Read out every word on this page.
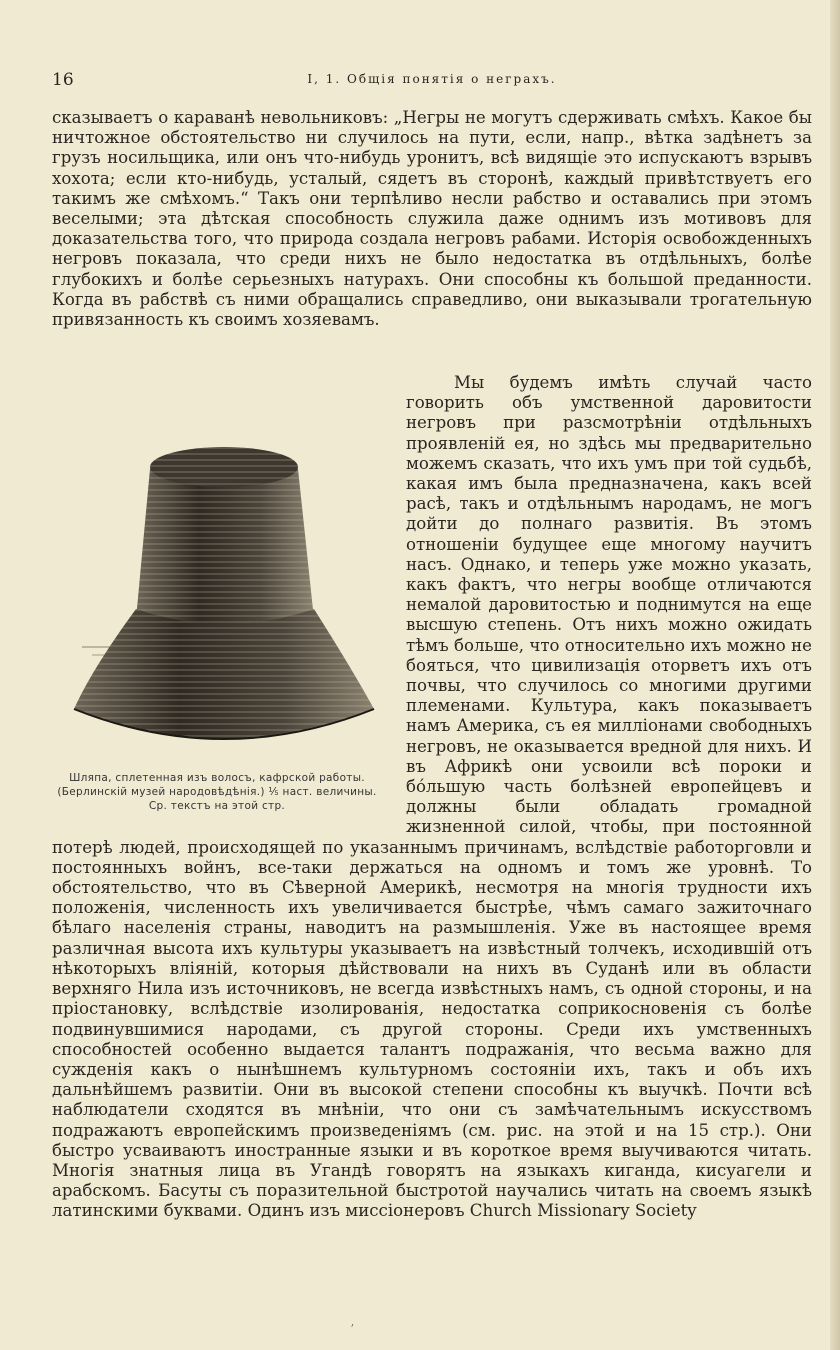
16	I, 1. Общія понятія о неграхъ.

сказываетъ о караванѣ невольниковъ: „Негры не могутъ сдерживать смѣхъ. Какое бы ничтожное обстоятельство ни случилось на пути, если, напр., вѣтка задѣнетъ за грузъ носильщика, или онъ что-нибудь уронитъ, всѣ видящіе это испускаютъ взрывъ хохота; если кто-нибудь, усталый, сядетъ въ сторонѣ, каждый привѣтствуетъ его такимъ же смѣхомъ.“ Такъ они терпѣливо несли рабство и оставались при этомъ веселыми; эта дѣтская способность служила даже однимъ изъ мотивовъ для доказательства того, что природа создала негровъ рабами. Исторія освобожденныхъ негровъ показала, что среди нихъ не было недостатка въ отдѣльныхъ, болѣе глубокихъ и болѣе серьезныхъ натурахъ. Они способны къ большой преданности. Когда въ рабствѣ съ ними обращались справедливо, они выказывали трогательную привязанность къ своимъ хозяевамъ.

Шляпа, сплетенная изъ волосъ, кафрской работы. (Берлинскій музей народовѣдѣнія.) ⅕ наст. величины. Ср. текстъ на этой стр.

Мы будемъ имѣть случай часто говорить объ умственной даровитости негровъ при разсмотрѣніи отдѣльныхъ проявленій ея, но здѣсь мы предварительно можемъ сказать, что ихъ умъ при той судьбѣ, какая имъ была предназначена, какъ всей расѣ, такъ и отдѣльнымъ народамъ, не могъ дойти до полнаго развитія. Въ этомъ отношеніи будущее еще многому научитъ насъ. Однако, и теперь уже можно указать, какъ фактъ, что негры вообще отличаются немалой даровитостью и поднимутся на еще высшую степень. Отъ нихъ можно ожидать тѣмъ больше, что относительно ихъ можно не бояться, что цивилизація оторветъ ихъ отъ почвы, что случилось со многими другими племенами. Культура, какъ показываетъ намъ Америка, съ ея милліонами свободныхъ негровъ, не оказывается вредной для нихъ. И въ Африкѣ они усвоили всѣ пороки и бо́льшую часть болѣзней европейцевъ и должны были обладать громадной жизненной силой, чтобы, при постоянной потерѣ людей, происходящей по указаннымъ причинамъ, вслѣдствіе работорговли и постоянныхъ войнъ, все-таки держаться на одномъ и томъ же уровнѣ. То обстоятельство, что въ Сѣверной Америкѣ, несмотря на многія трудности ихъ положенія, численность ихъ увеличивается быстрѣе, чѣмъ самаго зажиточнаго бѣлаго населенія страны, наводитъ на размышленія. Уже въ настоящее время различная высота ихъ культуры указываетъ на извѣстный толчекъ, исходившій отъ нѣкоторыхъ вліяній, которыя дѣйствовали на нихъ въ Суданѣ или въ области верхняго Нила изъ источниковъ, не всегда извѣстныхъ намъ, съ одной стороны, и на пріостановку, вслѣдствіе изолированія, недостатка соприкосновенія съ болѣе подвинувшимися народами, съ другой стороны. Среди ихъ умственныхъ способностей особенно выдается талантъ подражанія, что весьма важно для сужденія какъ о нынѣшнемъ культурномъ состояніи ихъ, такъ и объ ихъ дальнѣйшемъ развитіи. Они въ высокой степени способны къ выучкѣ. Почти всѣ наблюдатели сходятся въ мнѣніи, что они съ замѣчательнымъ искусствомъ подражаютъ европейскимъ произведеніямъ (см. рис. на этой и на 15 стр.). Они быстро усваиваютъ иностранные языки и въ короткое время выучиваются читать. Многія знатныя лица въ Угандѣ говорятъ на языкахъ киганда, кисуагели и арабскомъ. Басуты съ поразительной быстротой научались читать на своемъ языкѣ латинскими буквами. Одинъ изъ миссіонеровъ Church Missionary Society

ʼ
